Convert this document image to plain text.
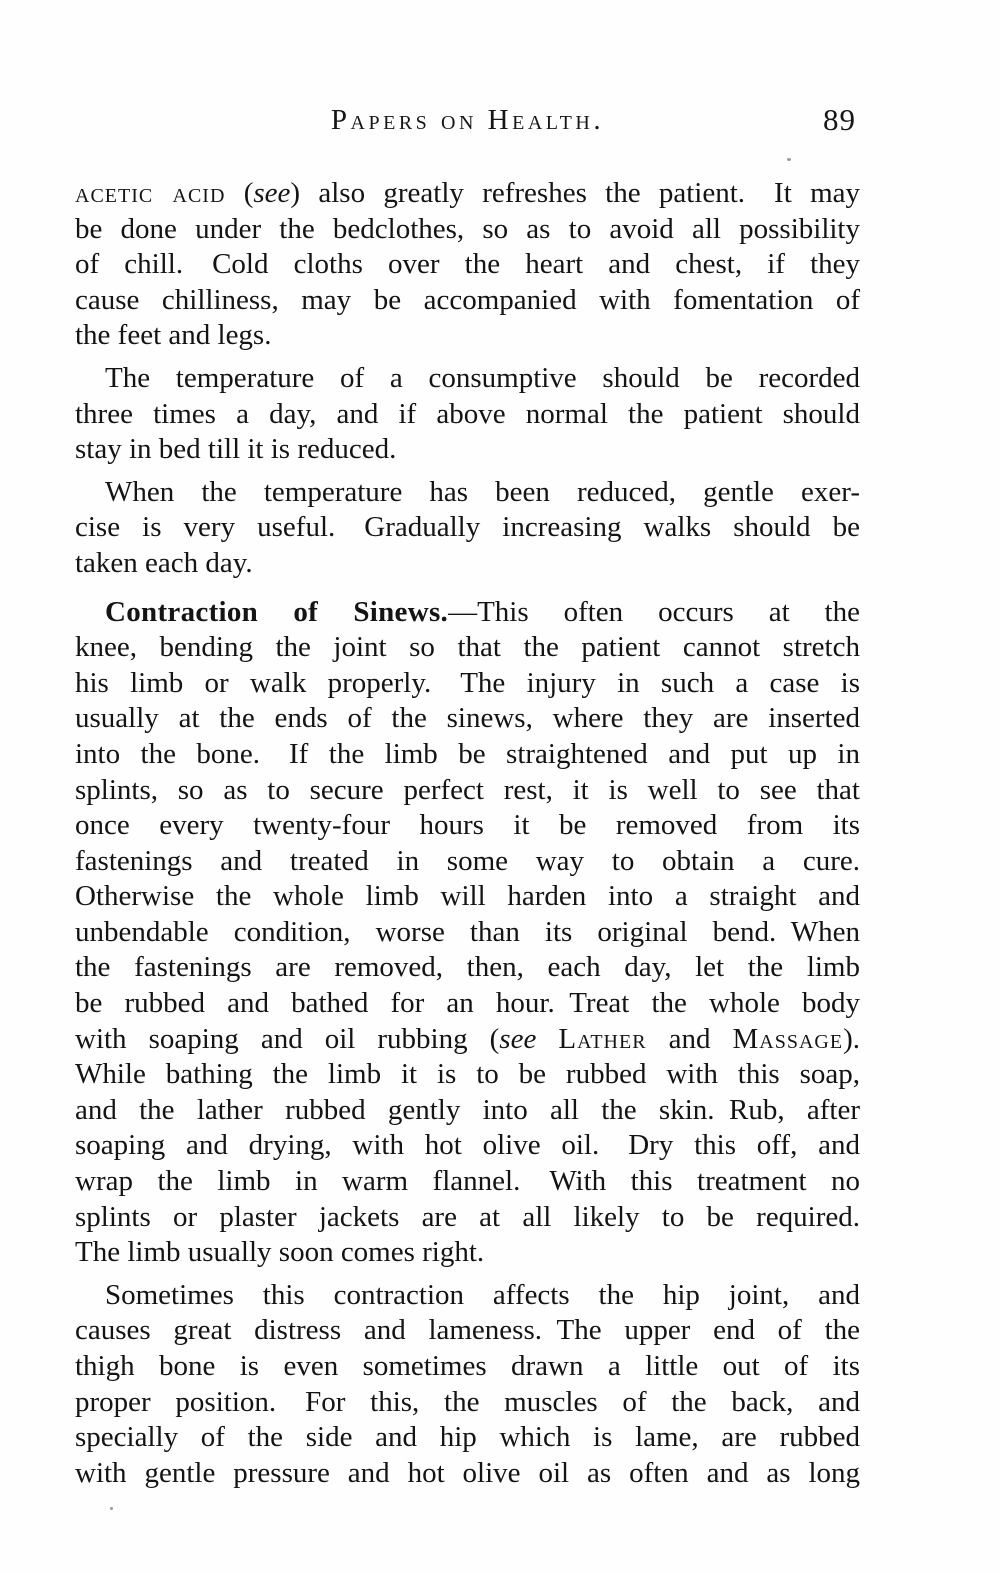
Papers on Health.	89
acetic acid (see) also greatly refreshes the patient. It may
be done under the bedclothes, so as to avoid all possibility
of chill. Cold cloths over the heart and chest, if they
cause chilliness, may be accompanied with fomentation of
the feet and legs.
The temperature of a consumptive should be recorded
three times a day, and if above normal the patient should
stay in bed till it is reduced.
When the temperature has been reduced, gentle exer-
cise is very useful. Gradually increasing walks should be
taken each day.
Contraction of Sinews.—This often occurs at the
knee, bending the joint so that the patient cannot stretch
his limb or walk properly. The injury in such a case is
usually at the ends of the sinews, where they are inserted
into the bone. If the limb be straightened and put up in
splints, so as to secure perfect rest, it is well to see that
once every twenty-four hours it be removed from its
fastenings and treated in some way to obtain a cure.
Otherwise the whole limb will harden into a straight and
unbendable condition, worse than its original bend. When
the fastenings are removed, then, each day, let the limb
be rubbed and bathed for an hour. Treat the whole body
with soaping and oil rubbing (see Lather and Massage).
While bathing the limb it is to be rubbed with this soap,
and the lather rubbed gently into all the skin. Rub, after
soaping and drying, with hot olive oil. Dry this off, and
wrap the limb in warm flannel. With this treatment no
splints or plaster jackets are at all likely to be required.
The limb usually soon comes right.
Sometimes this contraction affects the hip joint, and
causes great distress and lameness. The upper end of the
thigh bone is even sometimes drawn a little out of its
proper position. For this, the muscles of the back, and
specially of the side and hip which is lame, are rubbed
with gentle pressure and hot olive oil as often and as long
